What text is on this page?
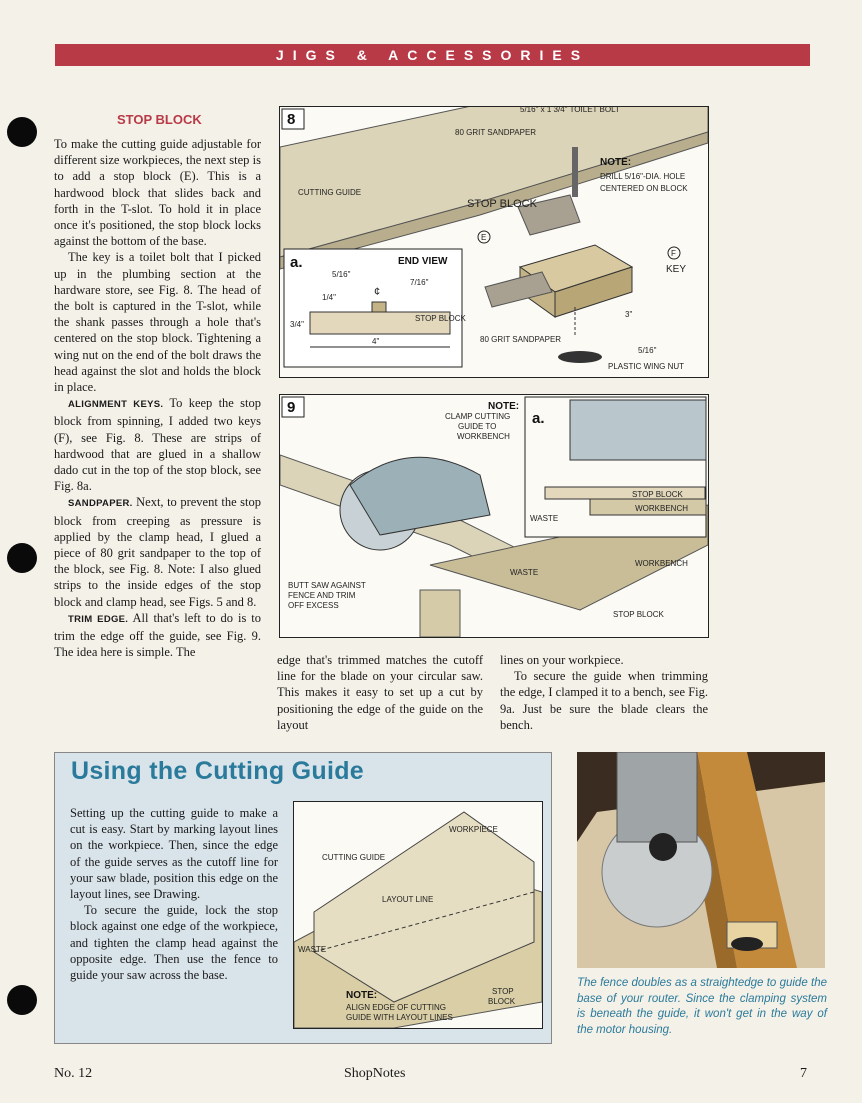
JIGS & ACCESSORIES
STOP BLOCK

To make the cutting guide adjustable for different size workpieces, the next step is to add a stop block (E). This is a hardwood block that slides back and forth in the T-slot. To hold it in place once it's positioned, the stop block locks against the bottom of the base.

The key is a toilet bolt that I picked up in the plumbing section at the hardware store, see Fig. 8. The head of the bolt is captured in the T-slot, while the shank passes through a hole that's centered on the stop block. Tightening a wing nut on the end of the bolt draws the head against the slot and holds the block in place.

ALIGNMENT KEYS. To keep the stop block from spinning, I added two keys (F), see Fig. 8. These are strips of hardwood that are glued in a shallow dado cut in the top of the stop block, see Fig. 8a.

SANDPAPER. Next, to prevent the stop block from creeping as pressure is applied by the clamp head, I glued a piece of 80 grit sandpaper to the top of the block, see Fig. 8. Note: I also glued strips to the inside edges of the stop block and clamp head, see Figs. 5 and 8.

TRIM EDGE. All that's left to do is to trim the edge off the guide, see Fig. 9. The idea here is simple. The

edge that's trimmed matches the cutoff line for the blade on your circular saw. This makes it easy to set up a cut by positioning the edge of the guide on the layout

lines on your workpiece.

To secure the guide when trimming the edge, I clamped it to a bench, see Fig. 9a. Just be sure the blade clears the bench.

8
CUTTING GUIDE
80 GRIT SANDPAPER
5/16" x 1 3/4" TOILET BOLT
NOTE:
DRILL 5/16"-DIA. HOLE
CENTERED ON BLOCK
STOP BLOCK
E
F
KEY
3"
80 GRIT SANDPAPER
5/16"
PLASTIC WING NUT
a.	END VIEW
5/16"
7/16"
1/4"
3/4"
¢
STOP BLOCK
4"
9	NOTE:
CLAMP CUTTING
GUIDE TO
WORKBENCH
BUTT SAW AGAINST
FENCE AND TRIM
OFF EXCESS
WASTE
WORKBENCH
STOP BLOCK
a.
STOP BLOCK
WORKBENCH
WASTE
Using the Cutting Guide

Setting up the cutting guide to make a cut is easy. Start by marking layout lines on the workpiece. Then, since the edge of the guide serves as the cutoff line for your saw blade, position this edge on the layout lines, see Drawing.

To secure the guide, lock the stop block against one edge of the workpiece, and tighten the clamp head against the opposite edge. Then use the fence to guide your saw across the base.

WORKPIECE
CUTTING GUIDE
LAYOUT LINE
WASTE
NOTE:
ALIGN EDGE OF CUTTING
GUIDE WITH LAYOUT LINES
STOP
BLOCK
The fence doubles as a straightedge to guide the base of your router. Since the clamping system is beneath the guide, it won't get in the way of the motor housing.
No. 12	ShopNotes	7
